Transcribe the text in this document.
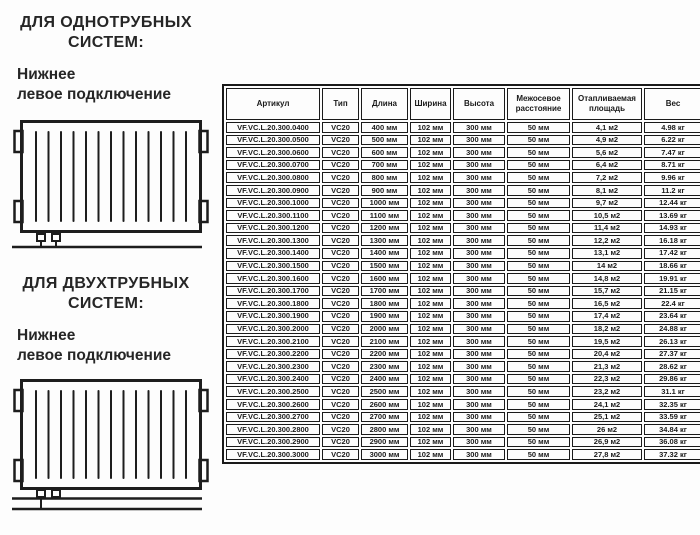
ДЛЯ ОДНОТРУБНЫХ
СИСТЕМ:
Нижнее
левое подключение
ДЛЯ ДВУХТРУБНЫХ
СИСТЕМ:
Нижнее
левое подключение
Артикул	Тип	Длина	Ширина	Высота	Межосевое расстояние	Отапливаемая площадь	Вес
VF.VC.L.20.300.0400	VC20	400 мм	102 мм	300 мм	50 мм	4,1 м2	4.98 кг
VF.VC.L.20.300.0500	VC20	500 мм	102 мм	300 мм	50 мм	4,9 м2	6.22 кг
VF.VC.L.20.300.0600	VC20	600 мм	102 мм	300 мм	50 мм	5,6 м2	7.47 кг
VF.VC.L.20.300.0700	VC20	700 мм	102 мм	300 мм	50 мм	6,4 м2	8.71 кг
VF.VC.L.20.300.0800	VC20	800 мм	102 мм	300 мм	50 мм	7,2 м2	9.96 кг
VF.VC.L.20.300.0900	VC20	900 мм	102 мм	300 мм	50 мм	8,1 м2	11.2 кг
VF.VC.L.20.300.1000	VC20	1000 мм	102 мм	300 мм	50 мм	9,7 м2	12.44 кг
VF.VC.L.20.300.1100	VC20	1100 мм	102 мм	300 мм	50 мм	10,5 м2	13.69 кг
VF.VC.L.20.300.1200	VC20	1200 мм	102 мм	300 мм	50 мм	11,4 м2	14.93 кг
VF.VC.L.20.300.1300	VC20	1300 мм	102 мм	300 мм	50 мм	12,2 м2	16.18 кг
VF.VC.L.20.300.1400	VC20	1400 мм	102 мм	300 мм	50 мм	13,1 м2	17.42 кг
VF.VC.L.20.300.1500	VC20	1500 мм	102 мм	300 мм	50 мм	14 м2	18.66 кг
VF.VC.L.20.300.1600	VC20	1600 мм	102 мм	300 мм	50 мм	14,8 м2	19.91 кг
VF.VC.L.20.300.1700	VC20	1700 мм	102 мм	300 мм	50 мм	15,7 м2	21.15 кг
VF.VC.L.20.300.1800	VC20	1800 мм	102 мм	300 мм	50 мм	16,5 м2	22.4 кг
VF.VC.L.20.300.1900	VC20	1900 мм	102 мм	300 мм	50 мм	17,4 м2	23.64 кг
VF.VC.L.20.300.2000	VC20	2000 мм	102 мм	300 мм	50 мм	18,2 м2	24.88 кг
VF.VC.L.20.300.2100	VC20	2100 мм	102 мм	300 мм	50 мм	19,5 м2	26.13 кг
VF.VC.L.20.300.2200	VC20	2200 мм	102 мм	300 мм	50 мм	20,4 м2	27.37 кг
VF.VC.L.20.300.2300	VC20	2300 мм	102 мм	300 мм	50 мм	21,3 м2	28.62 кг
VF.VC.L.20.300.2400	VC20	2400 мм	102 мм	300 мм	50 мм	22,3 м2	29.86 кг
VF.VC.L.20.300.2500	VC20	2500 мм	102 мм	300 мм	50 мм	23,2 м2	31.1 кг
VF.VC.L.20.300.2600	VC20	2600 мм	102 мм	300 мм	50 мм	24,1 м2	32.35 кг
VF.VC.L.20.300.2700	VC20	2700 мм	102 мм	300 мм	50 мм	25,1 м2	33.59 кг
VF.VC.L.20.300.2800	VC20	2800 мм	102 мм	300 мм	50 мм	26 м2	34.84 кг
VF.VC.L.20.300.2900	VC20	2900 мм	102 мм	300 мм	50 мм	26,9 м2	36.08 кг
VF.VC.L.20.300.3000	VC20	3000 мм	102 мм	300 мм	50 мм	27,8 м2	37.32 кг
